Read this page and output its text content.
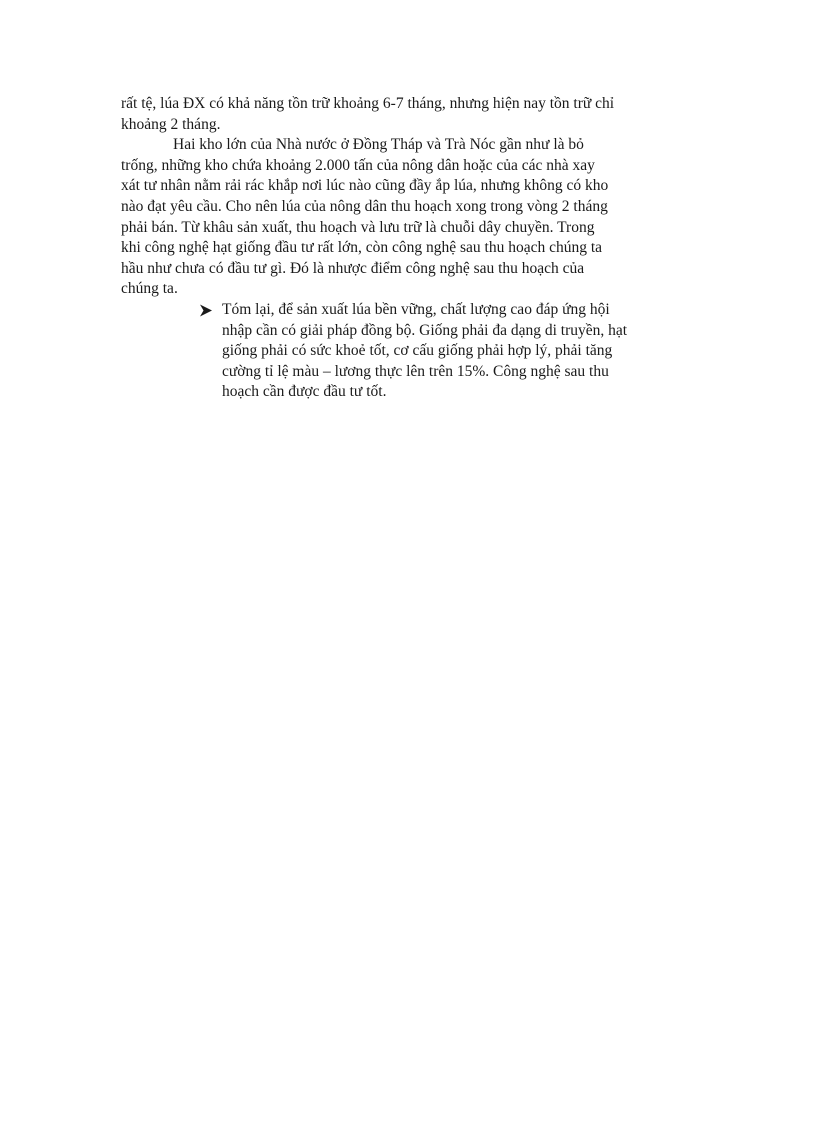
rất tệ, lúa ĐX có khả năng tồn trữ khoảng 6-7 tháng, nhưng hiện nay tồn trữ chỉ
khoảng 2 tháng.

Hai kho lớn của Nhà nước ở Đồng Tháp và Trà Nóc gần như là bỏ
trống, những kho chứa khoảng 2.000 tấn của nông dân hoặc của các nhà xay
xát tư nhân nằm rải rác khắp nơi lúc nào cũng đầy ắp lúa, nhưng không có kho
nào đạt yêu cầu. Cho nên lúa của nông dân thu hoạch xong trong vòng 2 tháng
phải bán. Từ khâu sản xuất, thu hoạch và lưu trữ là chuỗi dây chuyền. Trong
khi công nghệ hạt giống đầu tư rất lớn, còn công nghệ sau thu hoạch chúng ta
hầu như chưa có đầu tư gì. Đó là nhược điểm công nghệ sau thu hoạch của
chúng ta.

Tóm lại, để sản xuất lúa bền vững, chất lượng cao đáp ứng hội
nhập cần có giải pháp đồng bộ. Giống phải đa dạng di truyền, hạt
giống phải có sức khoẻ tốt, cơ cấu giống phải hợp lý, phải tăng
cường tỉ lệ màu – lương thực lên trên 15%. Công nghệ sau thu
hoạch cần được đầu tư tốt.
